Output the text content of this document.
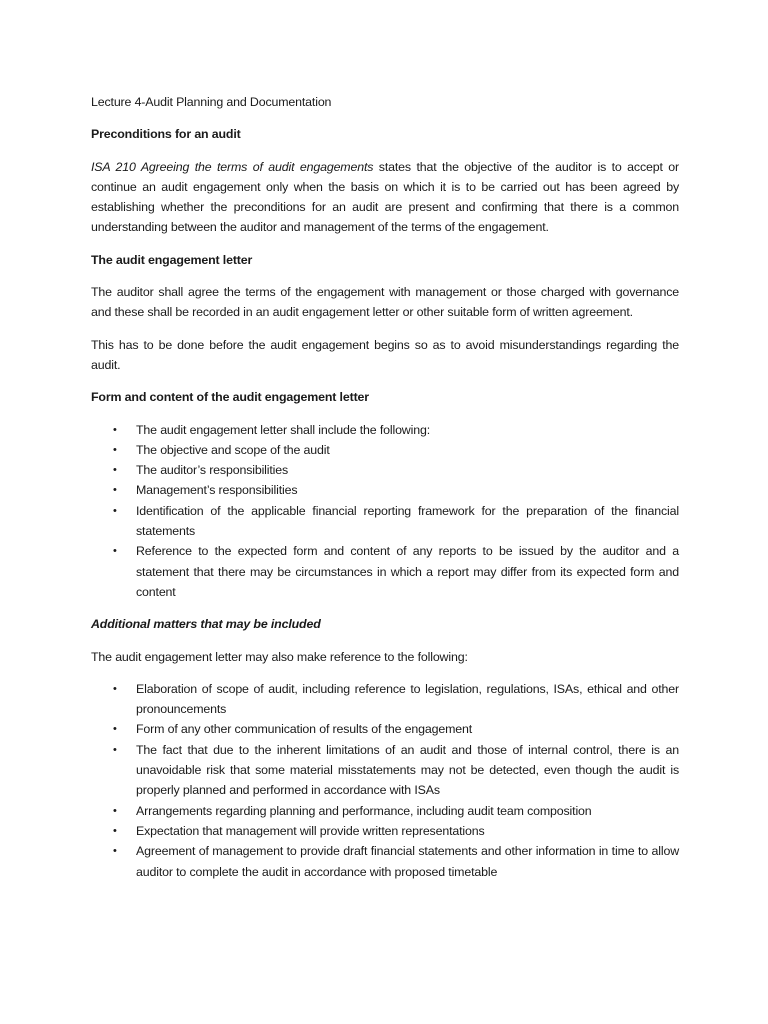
Lecture 4-Audit Planning and Documentation
Preconditions for an audit

ISA 210 Agreeing the terms of audit engagements states that the objective of the auditor is to accept or continue an audit engagement only when the basis on which it is to be carried out has been agreed by establishing whether the preconditions for an audit are present and confirming that there is a common understanding between the auditor and management of the terms of the engagement.

The audit engagement letter

The auditor shall agree the terms of the engagement with management or those charged with governance and these shall be recorded in an audit engagement letter or other suitable form of written agreement.

This has to be done before the audit engagement begins so as to avoid misunderstandings regarding the audit.

Form and content of the audit engagement letter
• The audit engagement letter shall include the following:
• The objective and scope of the audit
• The auditor’s responsibilities
• Management’s responsibilities
• Identification of the applicable financial reporting framework for the preparation of the financial statements
• Reference to the expected form and content of any reports to be issued by the auditor and a statement that there may be circumstances in which a report may differ from its expected form and content
Additional matters that may be included

The audit engagement letter may also make reference to the following:

• Elaboration of scope of audit, including reference to legislation, regulations, ISAs, ethical and other pronouncements
• Form of any other communication of results of the engagement
• The fact that due to the inherent limitations of an audit and those of internal control, there is an unavoidable risk that some material misstatements may not be detected, even though the audit is properly planned and performed in accordance with ISAs
• Arrangements regarding planning and performance, including audit team composition
• Expectation that management will provide written representations
• Agreement of management to provide draft financial statements and other information in time to allow auditor to complete the audit in accordance with proposed timetable
